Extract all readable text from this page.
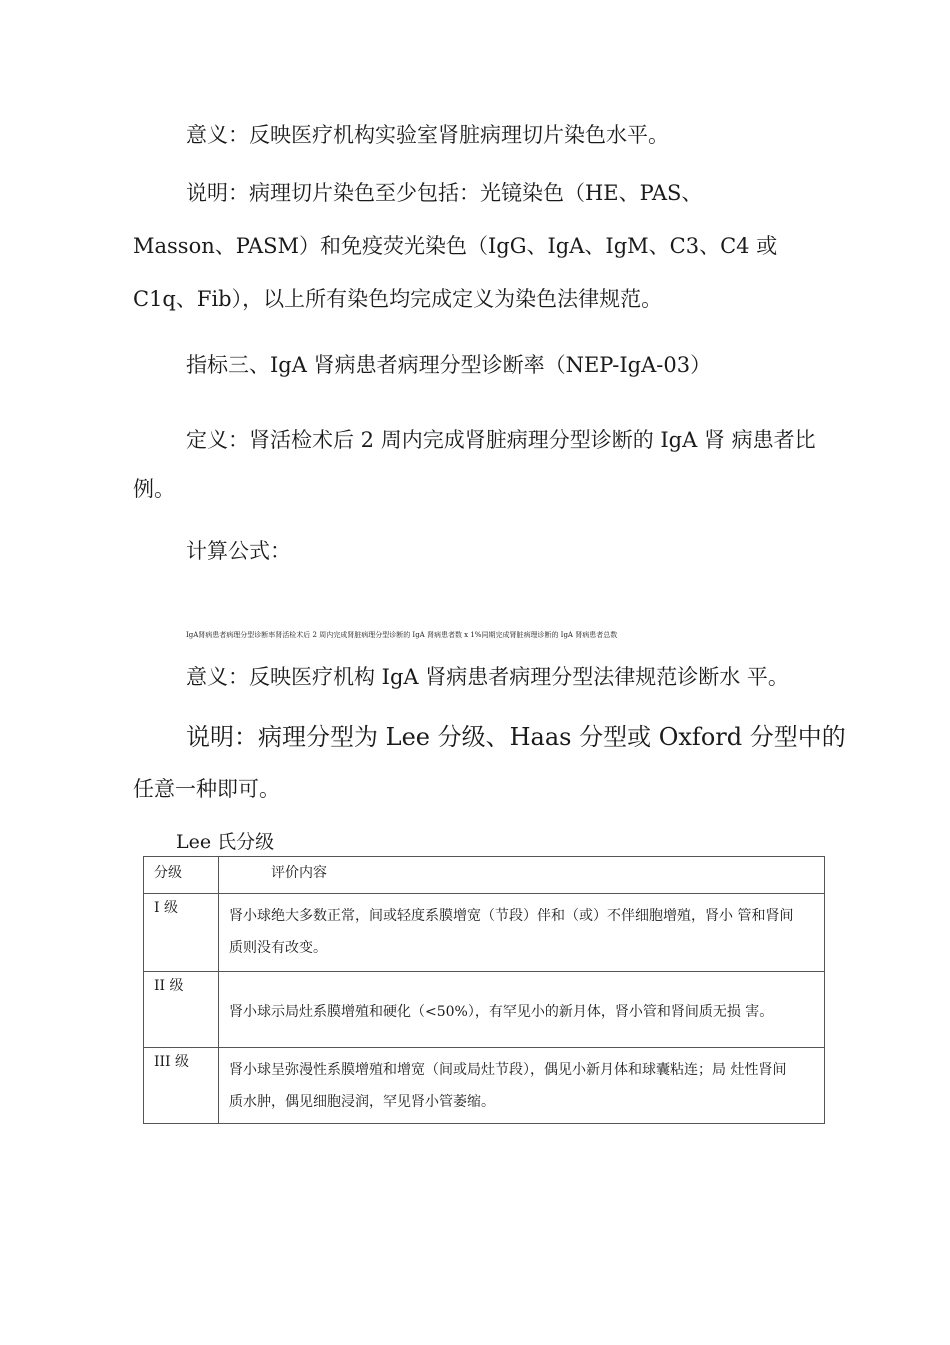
意义：反映医疗机构实验室肾脏病理切片染色水平。
说明：病理切片染色至少包括：光镜染色（HE、PAS、
Masson、PASM）和免疫荧光染色（IgG、IgA、IgM、C3、C4 或
C1q、Fib），以上所有染色均完成定义为染色法律规范。
指标三、IgA 肾病患者病理分型诊断率（NEP-IgA-03）
定义：肾活检术后 2 周内完成肾脏病理分型诊断的 IgA 肾 病患者比
例。
计算公式：
IgA肾病患者病理分型诊断率肾活检术后 2 周内完成肾脏病理分型诊断的 IgA 肾病患者数 x 1%同期完成肾脏病理诊断的 IgA 肾病患者总数
意义：反映医疗机构 IgA 肾病患者病理分型法律规范诊断水 平。
说明：病理分型为 Lee 分级、Haas 分型或 Oxford 分型中的
任意一种即可。
Lee 氏分级
分级	评价内容

I 级	肾小球绝大多数正常，间或轻度系膜增宽（节段）伴和（或）不伴细胞增殖，肾小 管和肾间
质则没有改变。

II 级	肾小球示局灶系膜增殖和硬化（<50%），有罕见小的新月体，肾小管和肾间质无损 害。

III 级	肾小球呈弥漫性系膜增殖和增宽（间或局灶节段），偶见小新月体和球囊粘连；局 灶性肾间
质水肿，偶见细胞浸润，罕见肾小管萎缩。
